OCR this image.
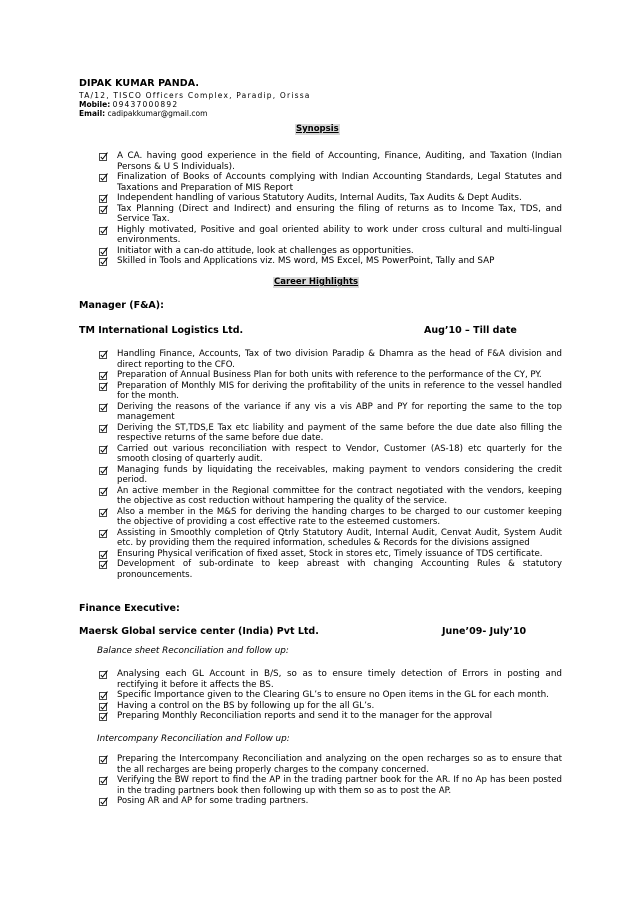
DIPAK KUMAR PANDA.
TA/12, TISCO Officers Complex, Paradip, Orissa
Mobile: 09437000892
Email: cadipakkumar@gmail.com
Synopsis
A CA. having good experience in the field of Accounting, Finance, Auditing, and Taxation (Indian Persons & U S Individuals).
Finalization of Books of Accounts complying with Indian Accounting Standards, Legal Statutes and Taxations and Preparation of MIS Report
Independent handling of various Statutory Audits, Internal Audits, Tax Audits & Dept Audits.
Tax Planning (Direct and Indirect) and ensuring the filing of returns as to Income Tax, TDS, and Service Tax.
Highly motivated, Positive and goal oriented ability to work under cross cultural and multi-lingual environments.
Initiator with a can-do attitude, look at challenges as opportunities.
Skilled in Tools and Applications viz. MS word, MS Excel, MS PowerPoint, Tally and SAP
Career Highlights
Manager (F&A):
TM International Logistics Ltd.	Aug’10 – Till date
Handling Finance, Accounts, Tax of two division Paradip & Dhamra as the head of F&A division and direct reporting to the CFO.
Preparation of Annual Business Plan for both units with reference to the performance of the CY, PY.
Preparation of Monthly MIS for deriving the profitability of the units in reference to the vessel handled for the month.
Deriving the reasons of the variance if any vis a vis ABP and PY for reporting the same to the top management
Deriving the ST,TDS,E Tax etc liability and payment of the same before the due date also filling the respective returns of the same before due date.
Carried out various reconciliation with respect to Vendor, Customer (AS-18) etc quarterly for the smooth closing of quarterly audit.
Managing funds by liquidating the receivables, making payment to vendors considering the credit period.
An active member in the Regional committee for the contract negotiated with the vendors, keeping the objective as cost reduction without hampering the quality of the service.
Also a member in the M&S for deriving the handing charges to be charged to our customer keeping the objective of providing a cost effective rate to the esteemed customers.
Assisting in Smoothly completion of Qtrly Statutory Audit, Internal Audit, Cenvat Audit, System Audit etc. by providing them the required information, schedules & Records for the divisions assigned
Ensuring Physical verification of fixed asset, Stock in stores etc, Timely issuance of TDS certificate.
Development of sub-ordinate to keep abreast with changing Accounting Rules & statutory pronouncements.
Finance Executive:
Maersk Global service center (India) Pvt Ltd.	June’09- July’10
Balance sheet Reconciliation and follow up:
Analysing each GL Account in B/S, so as to ensure timely detection of Errors in posting and rectifying it before it affects the BS.
Specific Importance given to the Clearing GL’s to ensure no Open items in the GL for each month.
Having a control on the BS by following up for the all GL’s.
Preparing Monthly Reconciliation reports and send it to the manager for the approval
Intercompany Reconciliation and Follow up:
Preparing the Intercompany Reconciliation and analyzing on the open recharges so as to ensure that the all recharges are being properly charges to the company concerned.
Verifying the BW report to find the AP in the trading partner book for the AR. If no Ap has been posted in the trading partners book then following up with them so as to post the AP.
Posing AR and AP for some trading partners.
